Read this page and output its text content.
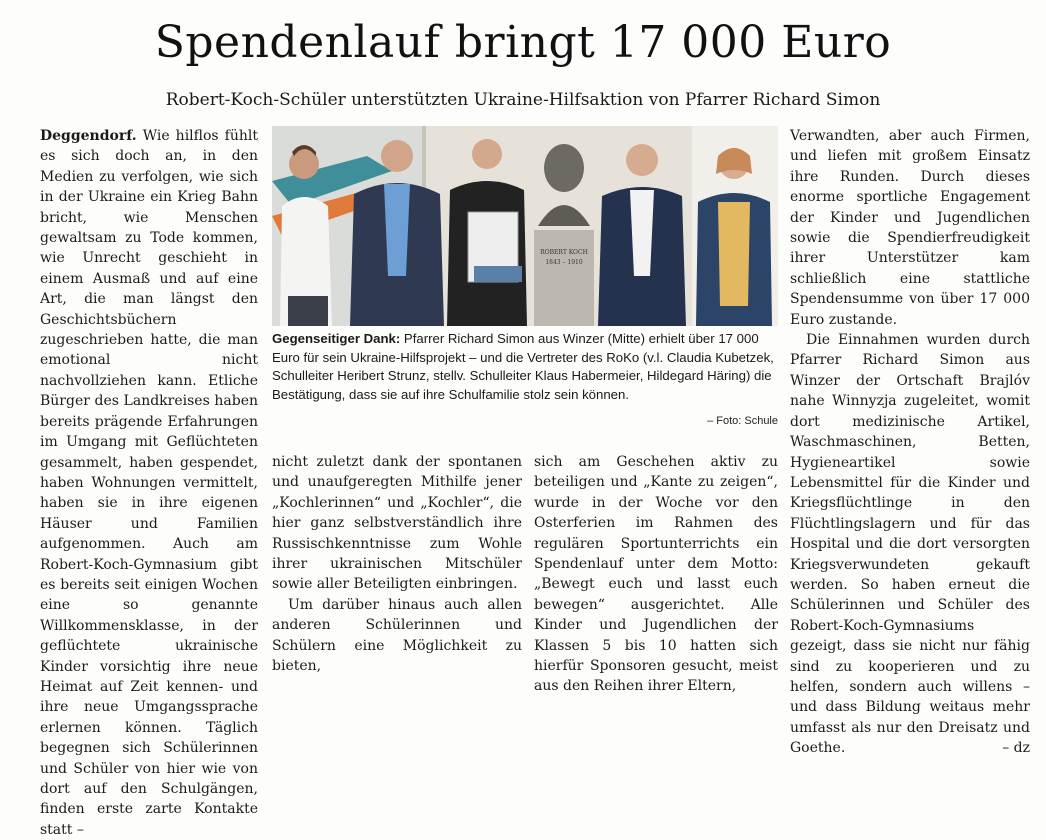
Spendenlauf bringt 17 000 Euro
Robert-Koch-Schüler unterstützten Ukraine-Hilfsaktion von Pfarrer Richard Simon

Deggendorf. Wie hilflos fühlt es sich doch an, in den Medien zu verfolgen, wie sich in der Ukraine ein Krieg Bahn bricht, wie Menschen gewaltsam zu Tode kommen, wie Unrecht geschieht in einem Ausmaß und auf eine Art, die man längst den Geschichtsbüchern zugeschrieben hatte, die man emotional nicht nachvollziehen kann. Etliche Bürger des Landkreises haben bereits prägende Erfahrungen im Umgang mit Geflüchteten gesammelt, haben gespendet, haben Wohnungen vermittelt, haben sie in ihre eigenen Häuser und Familien aufgenommen. Auch am Robert-Koch-Gymnasium gibt es bereits seit einigen Wochen eine so genannte Willkommensklasse, in der geflüchtete ukrainische Kinder vorsichtig ihre neue Heimat auf Zeit kennen- und ihre neue Umgangssprache erlernen können. Täglich begegnen sich Schülerinnen und Schüler von hier wie von dort auf den Schulgängen, finden erste zarte Kontakte statt –

ROBERT KOCH
1843 – 1910
Gegenseitiger Dank: Pfarrer Richard Simon aus Winzer (Mitte) erhielt über 17 000 Euro für sein Ukraine-Hilfsprojekt – und die Vertreter des RoKo (v.l. Claudia Kubetzek, Schulleiter Heribert Strunz, stellv. Schulleiter Klaus Habermeier, Hildegard Häring) die Bestätigung, dass sie auf ihre Schulfamilie stolz sein können.
– Foto: Schule

nicht zuletzt dank der spontanen und unaufgeregten Mithilfe jener „Kochlerinnen“ und „Kochler“, die hier ganz selbstverständlich ihre Russischkenntnisse zum Wohle ihrer ukrainischen Mitschüler sowie aller Beteiligten einbringen.

Um darüber hinaus auch allen anderen Schülerinnen und Schülern eine Möglichkeit zu bieten,

sich am Geschehen aktiv zu beteiligen und „Kante zu zeigen“, wurde in der Woche vor den Osterferien im Rahmen des regulären Sportunterrichts ein Spendenlauf unter dem Motto: „Bewegt euch und lasst euch bewegen“ ausgerichtet. Alle Kinder und Jugendlichen der Klassen 5 bis 10 hatten sich hierfür Sponsoren gesucht, meist aus den Reihen ihrer Eltern,

Verwandten, aber auch Firmen, und liefen mit großem Einsatz ihre Runden. Durch dieses enorme sportliche Engagement der Kinder und Jugendlichen sowie die Spendierfreudigkeit ihrer Unterstützer kam schließlich eine stattliche Spendensumme von über 17 000 Euro zustande.

Die Einnahmen wurden durch Pfarrer Richard Simon aus Winzer der Ortschaft Brajlóv nahe Winnyzja zugeleitet, womit dort medizinische Artikel, Waschmaschinen, Betten, Hygieneartikel sowie Lebensmittel für die Kinder und Kriegsflüchtlinge in den Flüchtlingslagern und für das Hospital und die dort versorgten Kriegsverwundeten gekauft werden. So haben erneut die Schülerinnen und Schüler des Robert-Koch-Gymnasiums gezeigt, dass sie nicht nur fähig sind zu kooperieren und zu helfen, sondern auch willens – und dass Bildung weitaus mehr umfasst als nur den Dreisatz und Goethe.	– dz
